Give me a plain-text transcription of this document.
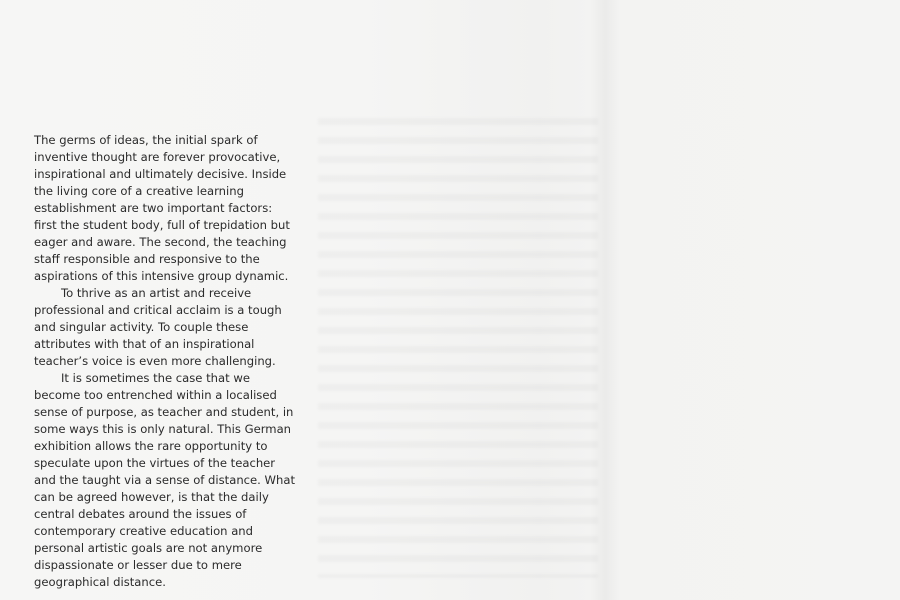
The germs of ideas, the initial spark of inventive thought are forever provocative, inspirational and ultimately decisive. Inside the living core of a creative learning establishment are two important factors: first the student body, full of trepidation but eager and aware. The second, the teaching staff responsible and responsive to the aspirations of this intensive group dynamic.

To thrive as an artist and receive professional and critical acclaim is a tough and singular activity. To couple these attributes with that of an inspirational teacher’s voice is even more challenging.

It is sometimes the case that we become too entrenched within a localised sense of purpose, as teacher and student, in some ways this is only natural. This German exhibition allows the rare opportunity to speculate upon the virtues of the teacher and the taught via a sense of distance. What can be agreed however, is that the daily central debates around the issues of contemporary creative education and personal artistic goals are not anymore dispassionate or lesser due to mere geographical distance.
